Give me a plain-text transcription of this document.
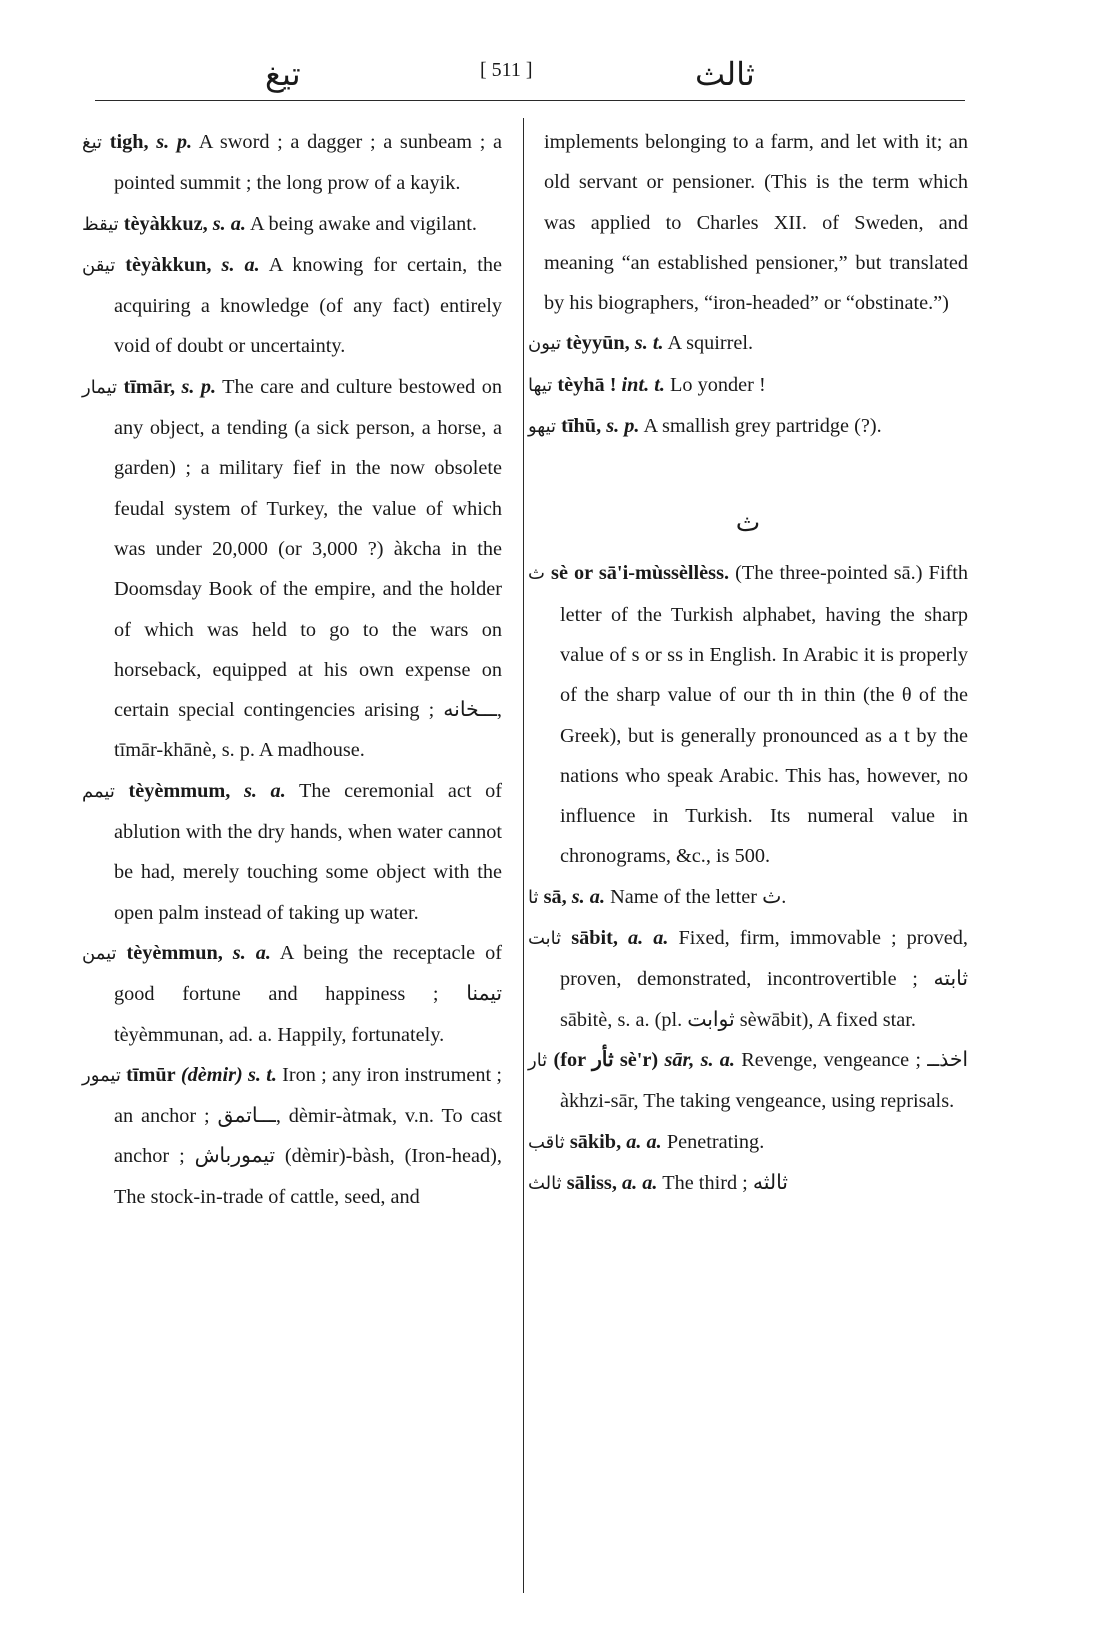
تیغ	[ 511 ]	ثالث

تیغ tigh, s. p. A sword ; a dagger ; a sunbeam ; a pointed summit ; the long prow of a kayik.

تیقظ tèyàkkuz, s. a. A being awake and vigilant.

تیقن tèyàkkun, s. a. A knowing for certain, the acquiring a knowledge (of any fact) entirely void of doubt or uncertainty.

تیمار tīmār, s. p. The care and culture bestowed on any object, a tending (a sick person, a horse, a garden) ; a military fief in the now obsolete feudal system of Turkey, the value of which was under 20,000 (or 3,000 ?) àkcha in the Doomsday Book of the empire, and the holder of which was held to go to the wars on horseback, equipped at his own expense on certain special contingencies arising ; ـــخانه, tīmār-khānè, s. p. A madhouse.

تیمم tèyèmmum, s. a. The ceremonial act of ablution with the dry hands, when water cannot be had, merely touching some object with the open palm instead of taking up water.

تیمن tèyèmmun, s. a. A being the receptacle of good fortune and happiness ; تیمنا tèyèmmunan, ad. a. Happily, fortunately.

تیمور tīmūr (dèmir) s. t. Iron ; any iron instrument ; an anchor ; ـــاتمق, dèmir-àtmak, v.n. To cast anchor ; تیمورباش (dèmir)-bàsh, (Iron-head), The stock-in-trade of cattle, seed, and

implements belonging to a farm, and let with it; an old servant or pensioner. (This is the term which was applied to Charles XII. of Sweden, and meaning “an established pensioner,” but translated by his biographers, “iron-headed” or “obstinate.”)

تیون tèyyūn, s. t. A squirrel.

تیها tèyhā ! int. t. Lo yonder !

تیهو tīhū, s. p. A smallish grey partridge (?).

ث

ث sè or sā'i-mùssèllèss. (The three-pointed sā.) Fifth letter of the Turkish alphabet, having the sharp value of s or ss in English. In Arabic it is properly of the sharp value of our th in thin (the θ of the Greek), but is generally pronounced as a t by the nations who speak Arabic. This has, however, no influence in Turkish. Its numeral value in chronograms, &c., is 500.

ثا sā, s. a. Name of the letter ث.

ثابت sābit, a. a. Fixed, firm, immovable ; proved, proven, demonstrated, incontrovertible ; ثابته sābitè, s. a. (pl. ثوابت sèwābit), A fixed star.

ثار (for ثأر sè'r) sār, s. a. Revenge, vengeance ; اخذــ àkhzi-sār, The taking vengeance, using reprisals.

ثاقب sākib, a. a. Penetrating.

ثالث sāliss, a. a. The third ; ثالثه
